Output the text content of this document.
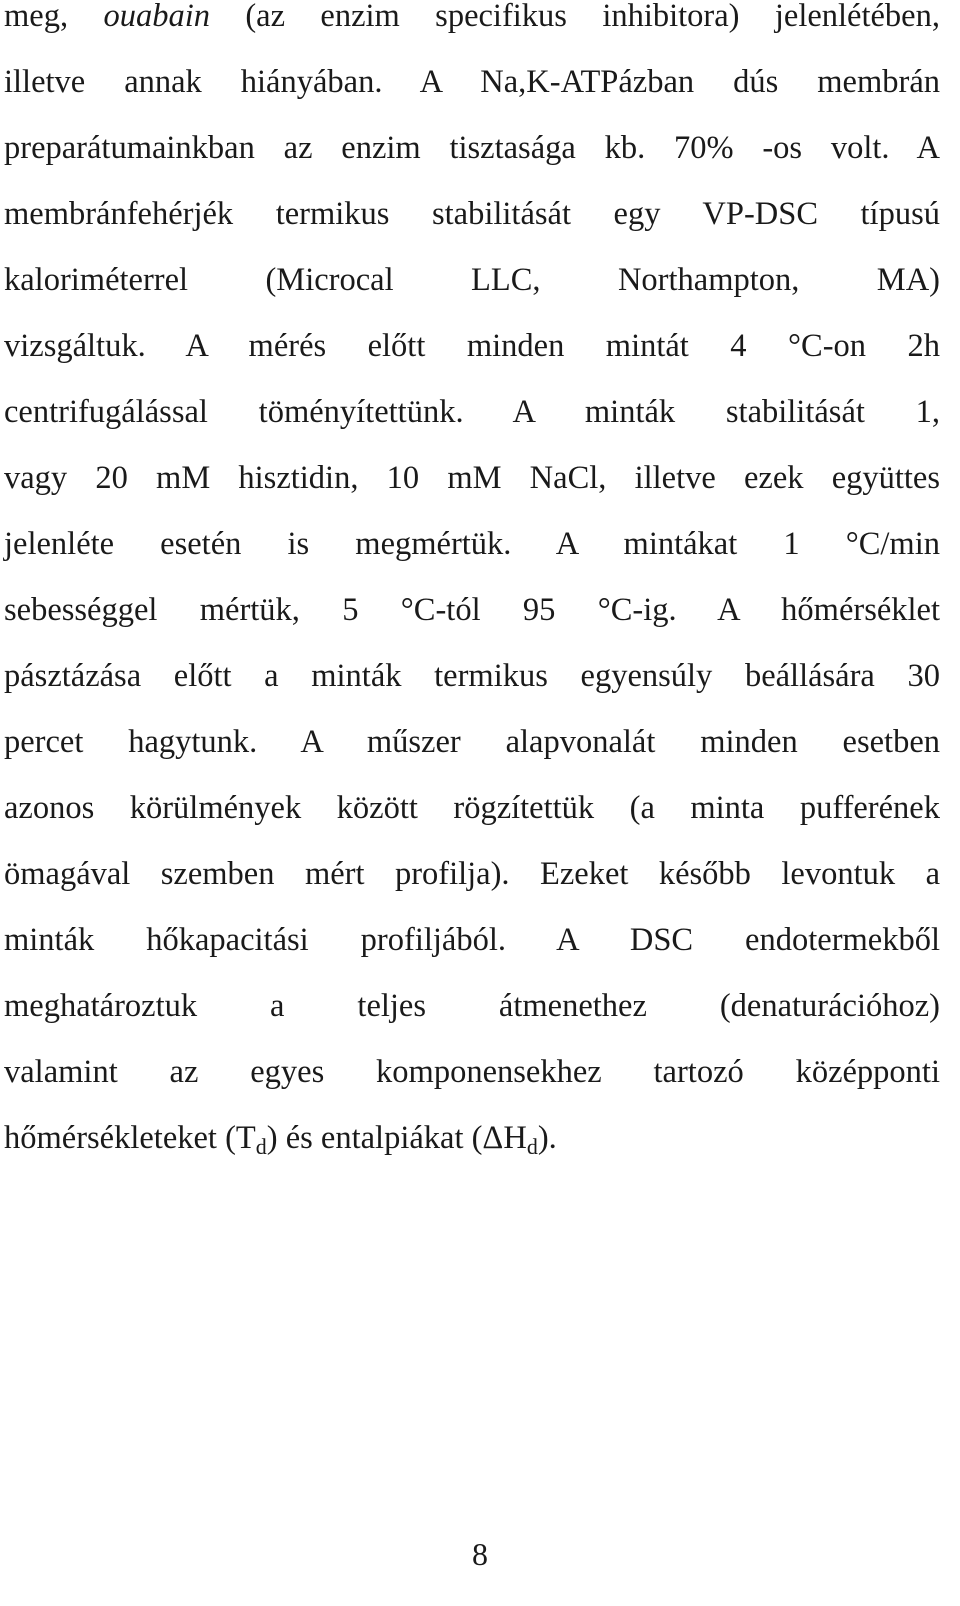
meg, ouabain (az enzim specifikus inhibitora) jelenlétében,
illetve annak hiányában. A Na,K-ATPázban dús membrán
preparátumainkban az enzim tisztasága kb. 70% -os volt. A
membránfehérjék termikus stabilitását egy VP-DSC típusú
kaloriméterrel (Microcal LLC, Northampton, MA)
vizsgáltuk. A mérés előtt minden mintát 4 °C-on 2h
centrifugálással töményítettünk. A minták stabilitását 1,
vagy 20 mM hisztidin, 10 mM NaCl, illetve ezek együttes
jelenléte esetén is megmértük. A mintákat 1 °C/min
sebességgel mértük, 5 °C-tól 95 °C-ig. A hőmérséklet
pásztázása előtt a minták termikus egyensúly beállására 30
percet hagytunk. A műszer alapvonalát minden esetben
azonos körülmények között rögzítettük (a minta pufferének
ömagával szemben mért profilja). Ezeket később levontuk a
minták hőkapacitási profiljából. A DSC endotermekből
meghatároztuk a teljes átmenethez (denaturációhoz)
valamint az egyes komponensekhez tartozó középponti
hőmérsékleteket $(T_d)$ és entalpiákat $(\Delta H_d)$.
8
